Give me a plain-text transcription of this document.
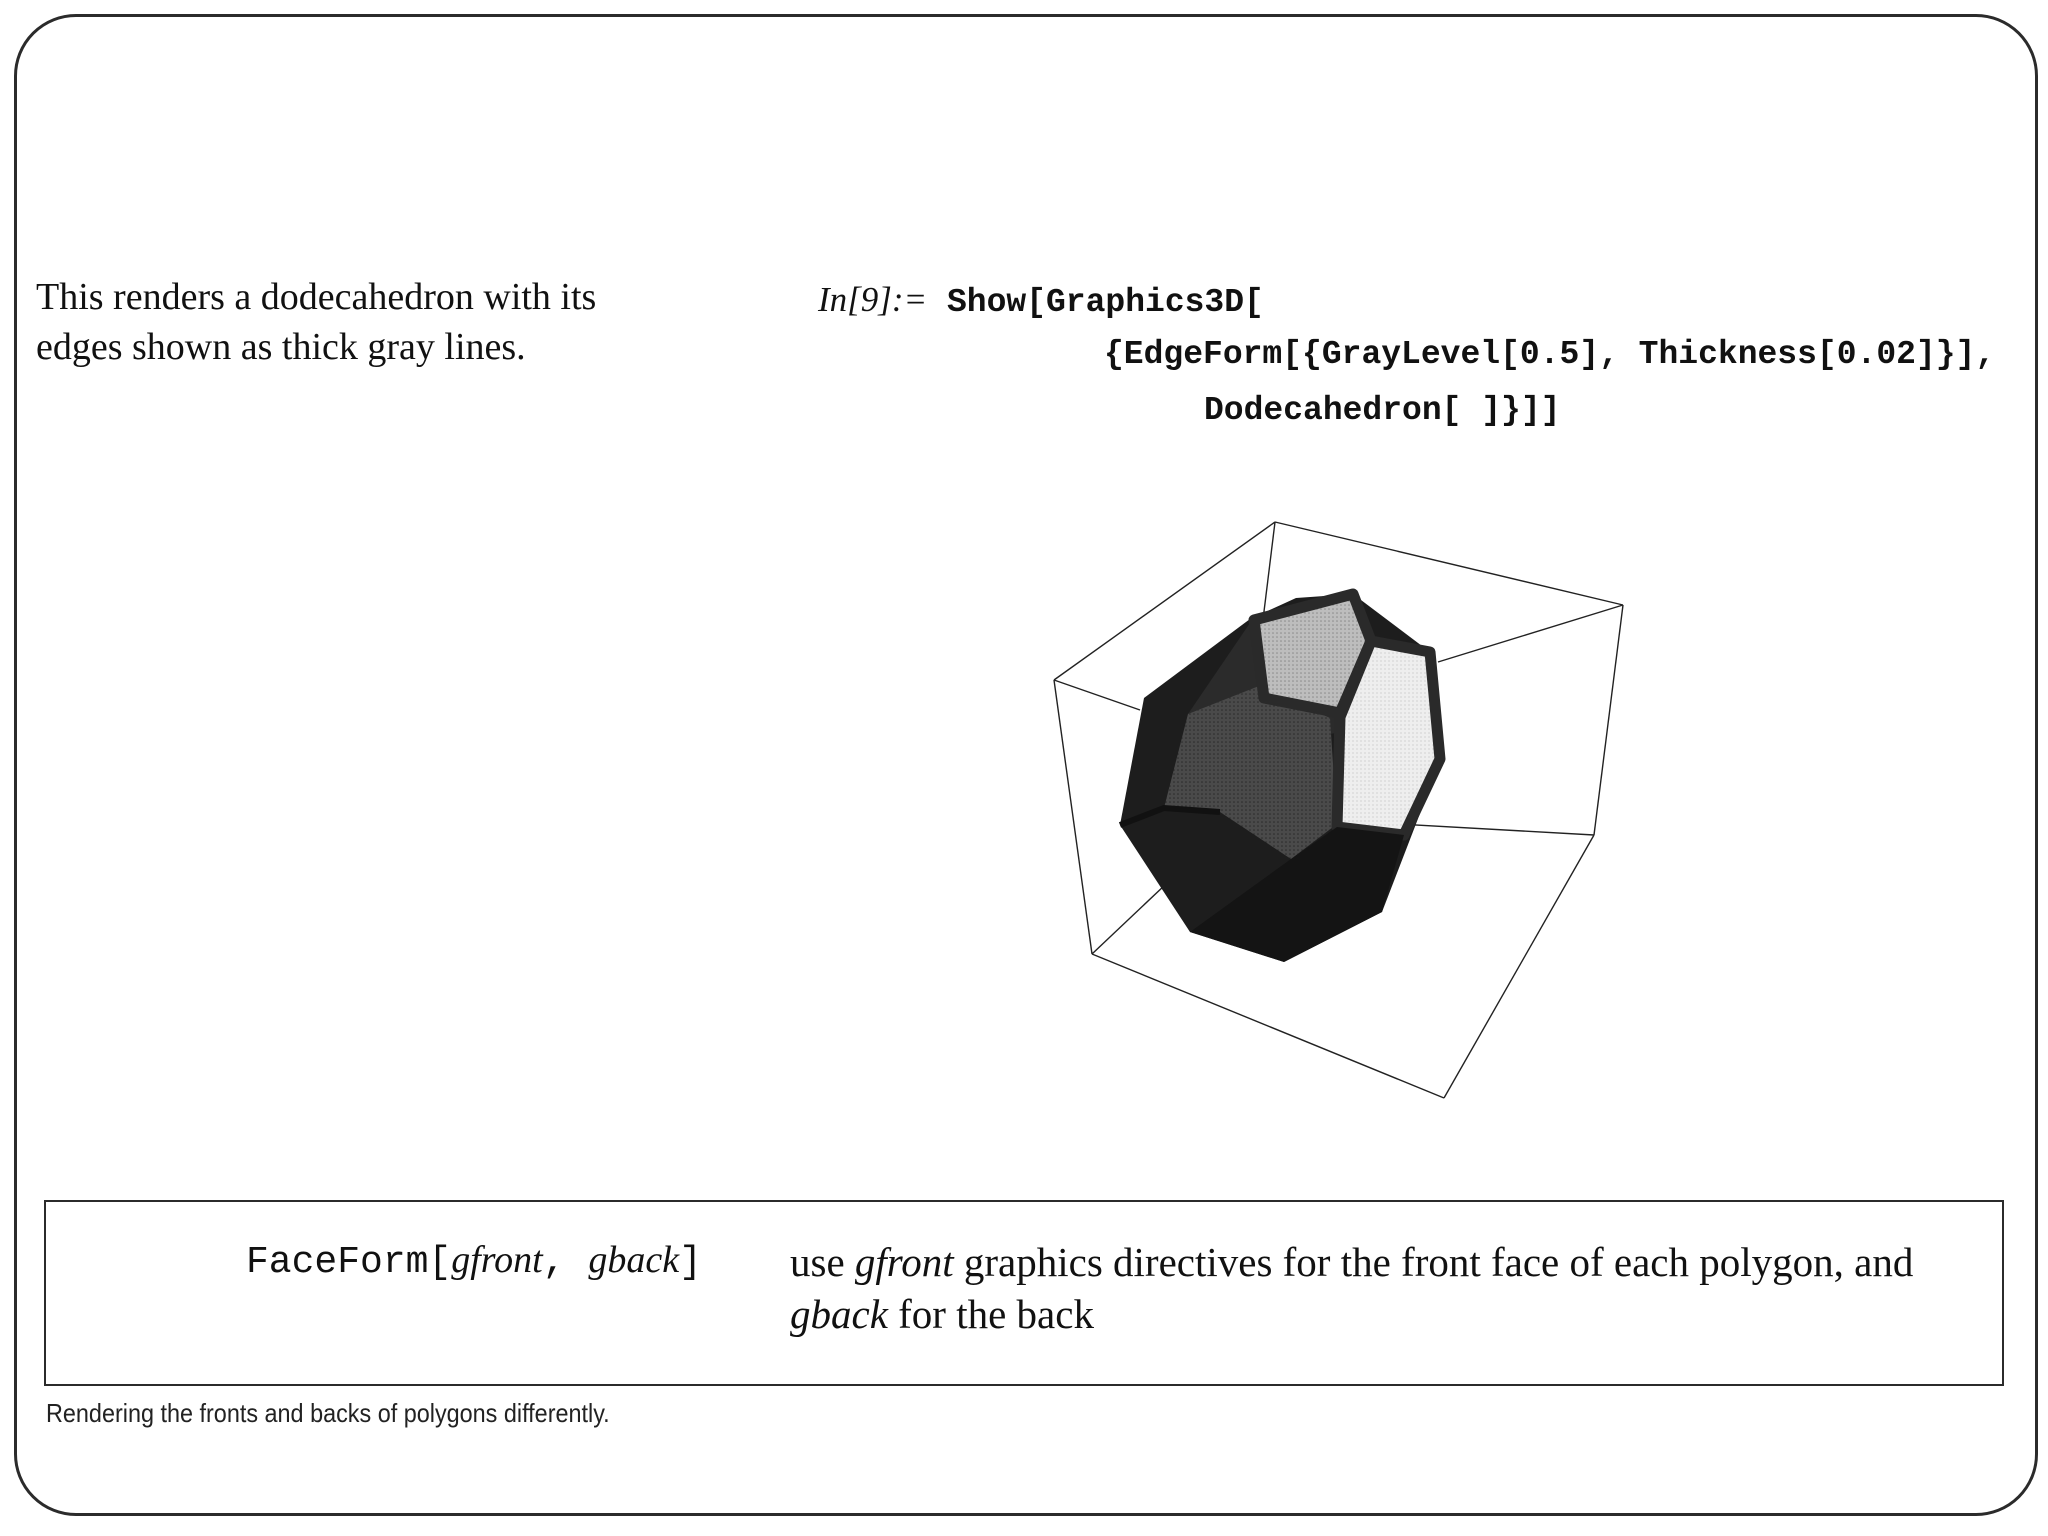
This renders a dodecahedron with its
edges shown as thick gray lines.
In[9]:= Show[Graphics3D[
{EdgeForm[{GrayLevel[0.5], Thickness[0.02]}],
Dodecahedron[ ]}]]
FaceForm[gfront, gback] use gfront graphics directives for the front face of each polygon, and gback for the back
Rendering the fronts and backs of polygons differently.
